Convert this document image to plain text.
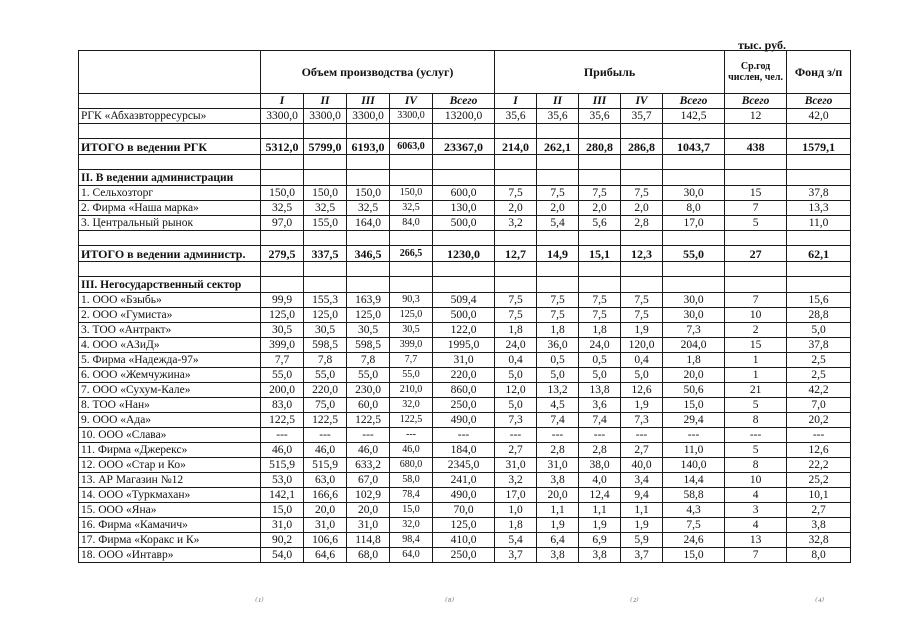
тыс. руб.
	Объем производства (услуг)					Прибыль					Ср.год числен, чел.	Фонд з/п
	I	II	III	IV	Всего	I	II	III	IV	Всего	Всего	Всего
РГК «Абхазвторресурсы»	3300,0	3300,0	3300,0	3300,0	13200,0	35,6	35,6	35,6	35,7	142,5	12	42,0

ИТОГО в ведении РГК	5312,0	5799,0	6193,0	6063,0	23367,0	214,0	262,1	280,8	286,8	1043,7	438	1579,1

II. В ведении администрации												
1. Сельхозторг	150,0	150,0	150,0	150,0	600,0	7,5	7,5	7,5	7,5	30,0	15	37,8
2. Фирма «Наша марка»	32,5	32,5	32,5	32,5	130,0	2,0	2,0	2,0	2,0	8,0	7	13,3
3. Центральный рынок	97,0	155,0	164,0	84,0	500,0	3,2	5,4	5,6	2,8	17,0	5	11,0

ИТОГО в ведении администр.	279,5	337,5	346,5	266,5	1230,0	12,7	14,9	15,1	12,3	55,0	27	62,1

III. Негосударственный сектор												
1. ООО «Бзыбь»	99,9	155,3	163,9	90,3	509,4	7,5	7,5	7,5	7,5	30,0	7	15,6
2. ООО «Гумиста»	125,0	125,0	125,0	125,0	500,0	7,5	7,5	7,5	7,5	30,0	10	28,8
3. ТОО «Антракт»	30,5	30,5	30,5	30,5	122,0	1,8	1,8	1,8	1,9	7,3	2	5,0
4. ООО «АЗиД»	399,0	598,5	598,5	399,0	1995,0	24,0	36,0	24,0	120,0	204,0	15	37,8
5. Фирма «Надежда-97»	7,7	7,8	7,8	7,7	31,0	0,4	0,5	0,5	0,4	1,8	1	2,5
6. ООО «Жемчужина»	55,0	55,0	55,0	55,0	220,0	5,0	5,0	5,0	5,0	20,0	1	2,5
7. ООО «Сухум-Кале»	200,0	220,0	230,0	210,0	860,0	12,0	13,2	13,8	12,6	50,6	21	42,2
8. ТОО «Нан»	83,0	75,0	60,0	32,0	250,0	5,0	4,5	3,6	1,9	15,0	5	7,0
9. ООО «Ада»	122,5	122,5	122,5	122,5	490,0	7,3	7,4	7,4	7,3	29,4	8	20,2
10. ООО «Слава»	---	---	---	---	---	---	---	---	---	---	---	---
11. Фирма «Джерекс»	46,0	46,0	46,0	46,0	184,0	2,7	2,8	2,8	2,7	11,0	5	12,6
12. ООО «Стар и Ко»	515,9	515,9	633,2	680,0	2345,0	31,0	31,0	38,0	40,0	140,0	8	22,2
13. АР Магазин №12	53,0	63,0	67,0	58,0	241,0	3,2	3,8	4,0	3,4	14,4	10	25,2
14. ООО «Туркмахан»	142,1	166,6	102,9	78,4	490,0	17,0	20,0	12,4	9,4	58,8	4	10,1
15. ООО «Яна»	15,0	20,0	20,0	15,0	70,0	1,0	1,1	1,1	1,1	4,3	3	2,7
16. Фирма «Камачич»	31,0	31,0	31,0	32,0	125,0	1,8	1,9	1,9	1,9	7,5	4	3,8
17. Фирма «Коракс и К»	90,2	106,6	114,8	98,4	410,0	5,4	6,4	6,9	5,9	24,6	13	32,8
18. ООО «Интавр»	54,0	64,6	68,0	64,0	250,0	3,7	3,8	3,8	3,7	15,0	7	8,0
⁽¹⁾	⁽⁸⁾	⁽²⁾	⁽⁴⁾
